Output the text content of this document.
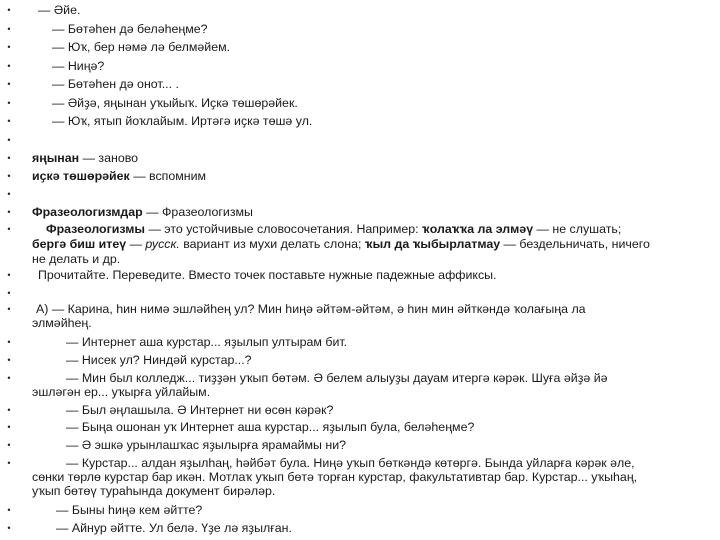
• — Әйе.
•	— Бөтәһен дә беләһеңме?
•	— Юҡ, бер нәмә лә белмәйем.
•	— Ниңә?
•	— Бөтәһен дә онот... .
•	— Әйҙә, яңынан уҡыйыҡ. Иҫкә төшөрәйек.
•	— Юҡ, ятып йоҡлайым. Иртәгә иҫкә төшә ул.
•
• яңынан — заново
• иҫкә төшөрәйек — вспомним
•
• Фразеологизмдар — Фразеологизмы
•	Фразеологизмы — это устойчивые словосочетания. Например: ҡолаҡҡа ла элмәү — не слушать;
бергә биш итеү — русск. вариант из мухи делать слона; ҡыл да ҡыбырлатмау — бездельничать, ничего
не делать и др.
• Прочитайте. Переведите. Вместо точек поставьте нужные падежные аффиксы.
•
• А) — Карина, һин нимә эшләйһең ул? Мин һиңә әйтәм-әйтәм, ә һин мин әйткәндә ҡолағыңа ла
элмәйһең.
•	— Интернет аша курстар... яҙылып ултырам бит.
•	— Нисек ул? Ниндәй курстар...?
•	— Мин был колледж... тиҙҙән уҡып бөтәм. Ә белем алыуҙы дауам итергә кәрәк. Шуға әйҙә йә
эшләгән ер... уҡырға уйлайым.
•	— Был әңлашыла. Ә Интернет ни өсөн кәрәк?
•	— Быңа ошонан уҡ Интернет аша курстар... яҙылып була, беләһеңме?
•	— Ә эшкә урынлашҡас яҙылырға ярамаймы ни?
•	— Курстар... алдан яҙылһаң, һәйбәт була. Ниңә уҡып бөткәндә көтөргә. Бында уйларға кәрәк әле,
сөнки төрлө курстар бар икән. Мотлаҡ уҡып бөтә торған курстар, факультативтар бар. Курстар... уҡыһаң,
уҡып бөтөү тураһында документ бирәләр.
•	— Быны һиңә кем әйтте?
•	— Айнур әйтте. Ул белә. Үҙе лә яҙылған.
